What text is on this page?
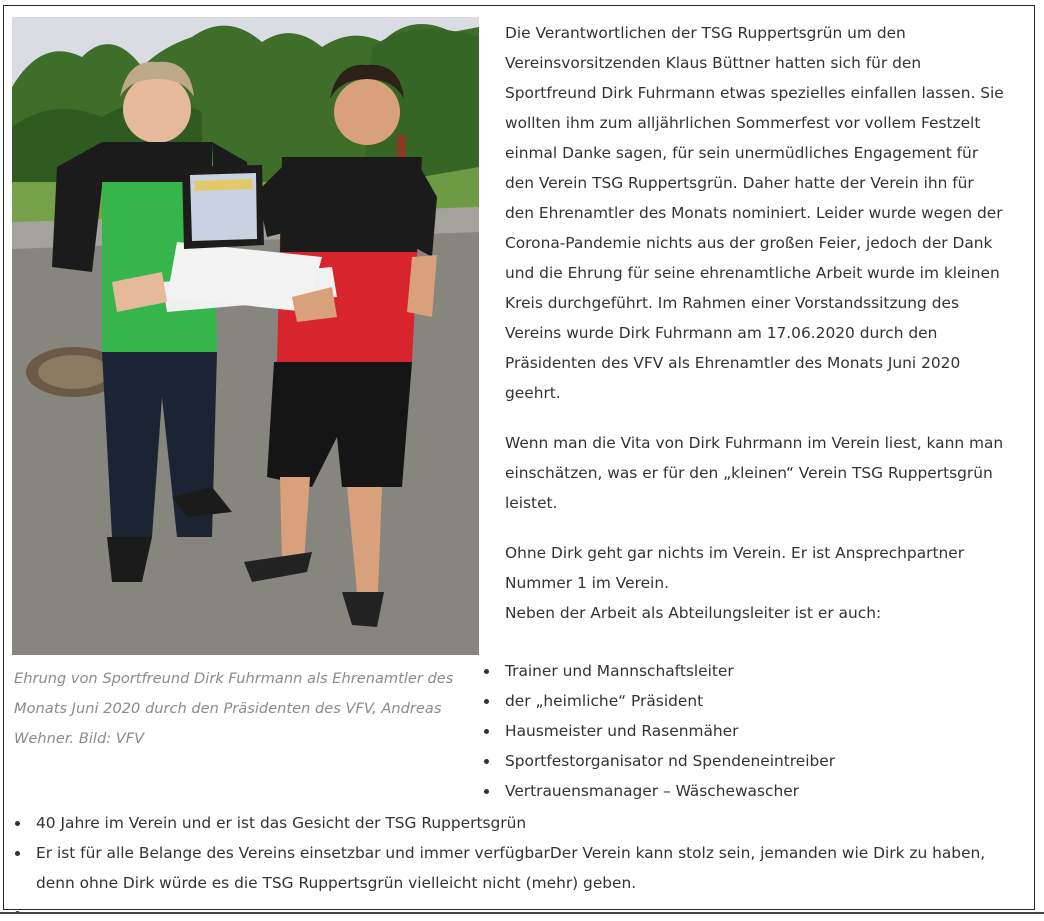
Ehrung von Sportfreund Dirk Fuhrmann als Ehrenamtler des Monats Juni 2020 durch den Präsidenten des VFV, Andreas Wehner. Bild: VFV

Die Verantwortlichen der TSG Ruppertsgrün um den Vereinsvorsitzenden Klaus Büttner hatten sich für den Sportfreund Dirk Fuhrmann etwas spezielles einfallen lassen. Sie wollten ihm zum alljährlichen Sommerfest vor vollem Festzelt einmal Danke sagen, für sein unermüdliches Engagement für den Verein TSG Ruppertsgrün. Daher hatte der Verein ihn für den Ehrenamtler des Monats nominiert. Leider wurde wegen der Corona-Pandemie nichts aus der großen Feier, jedoch der Dank und die Ehrung für seine ehrenamtliche Arbeit wurde im kleinen Kreis durchgeführt. Im Rahmen einer Vorstandssitzung des Vereins wurde Dirk Fuhrmann am 17.06.2020 durch den Präsidenten des VFV als Ehrenamtler des Monats Juni 2020 geehrt.

Wenn man die Vita von Dirk Fuhrmann im Verein liest, kann man einschätzen, was er für den „kleinen“ Verein TSG Ruppertsgrün leistet.

Ohne Dirk geht gar nichts im Verein. Er ist Ansprechpartner Nummer 1 im Verein.
Neben der Arbeit als Abteilungsleiter ist er auch:

Trainer und Mannschaftsleiter
der „heimliche“ Präsident
Hausmeister und Rasenmäher
Sportfestorganisator nd Spendeneintreiber
Vertrauensmanager – Wäschewascher
40 Jahre im Verein und er ist das Gesicht der TSG Ruppertsgrün
Er ist für alle Belange des Vereins einsetzbar und immer verfügbarDer Verein kann stolz sein, jemanden wie Dirk zu haben, denn ohne Dirk würde es die TSG Ruppertsgrün vielleicht nicht (mehr) geben.
